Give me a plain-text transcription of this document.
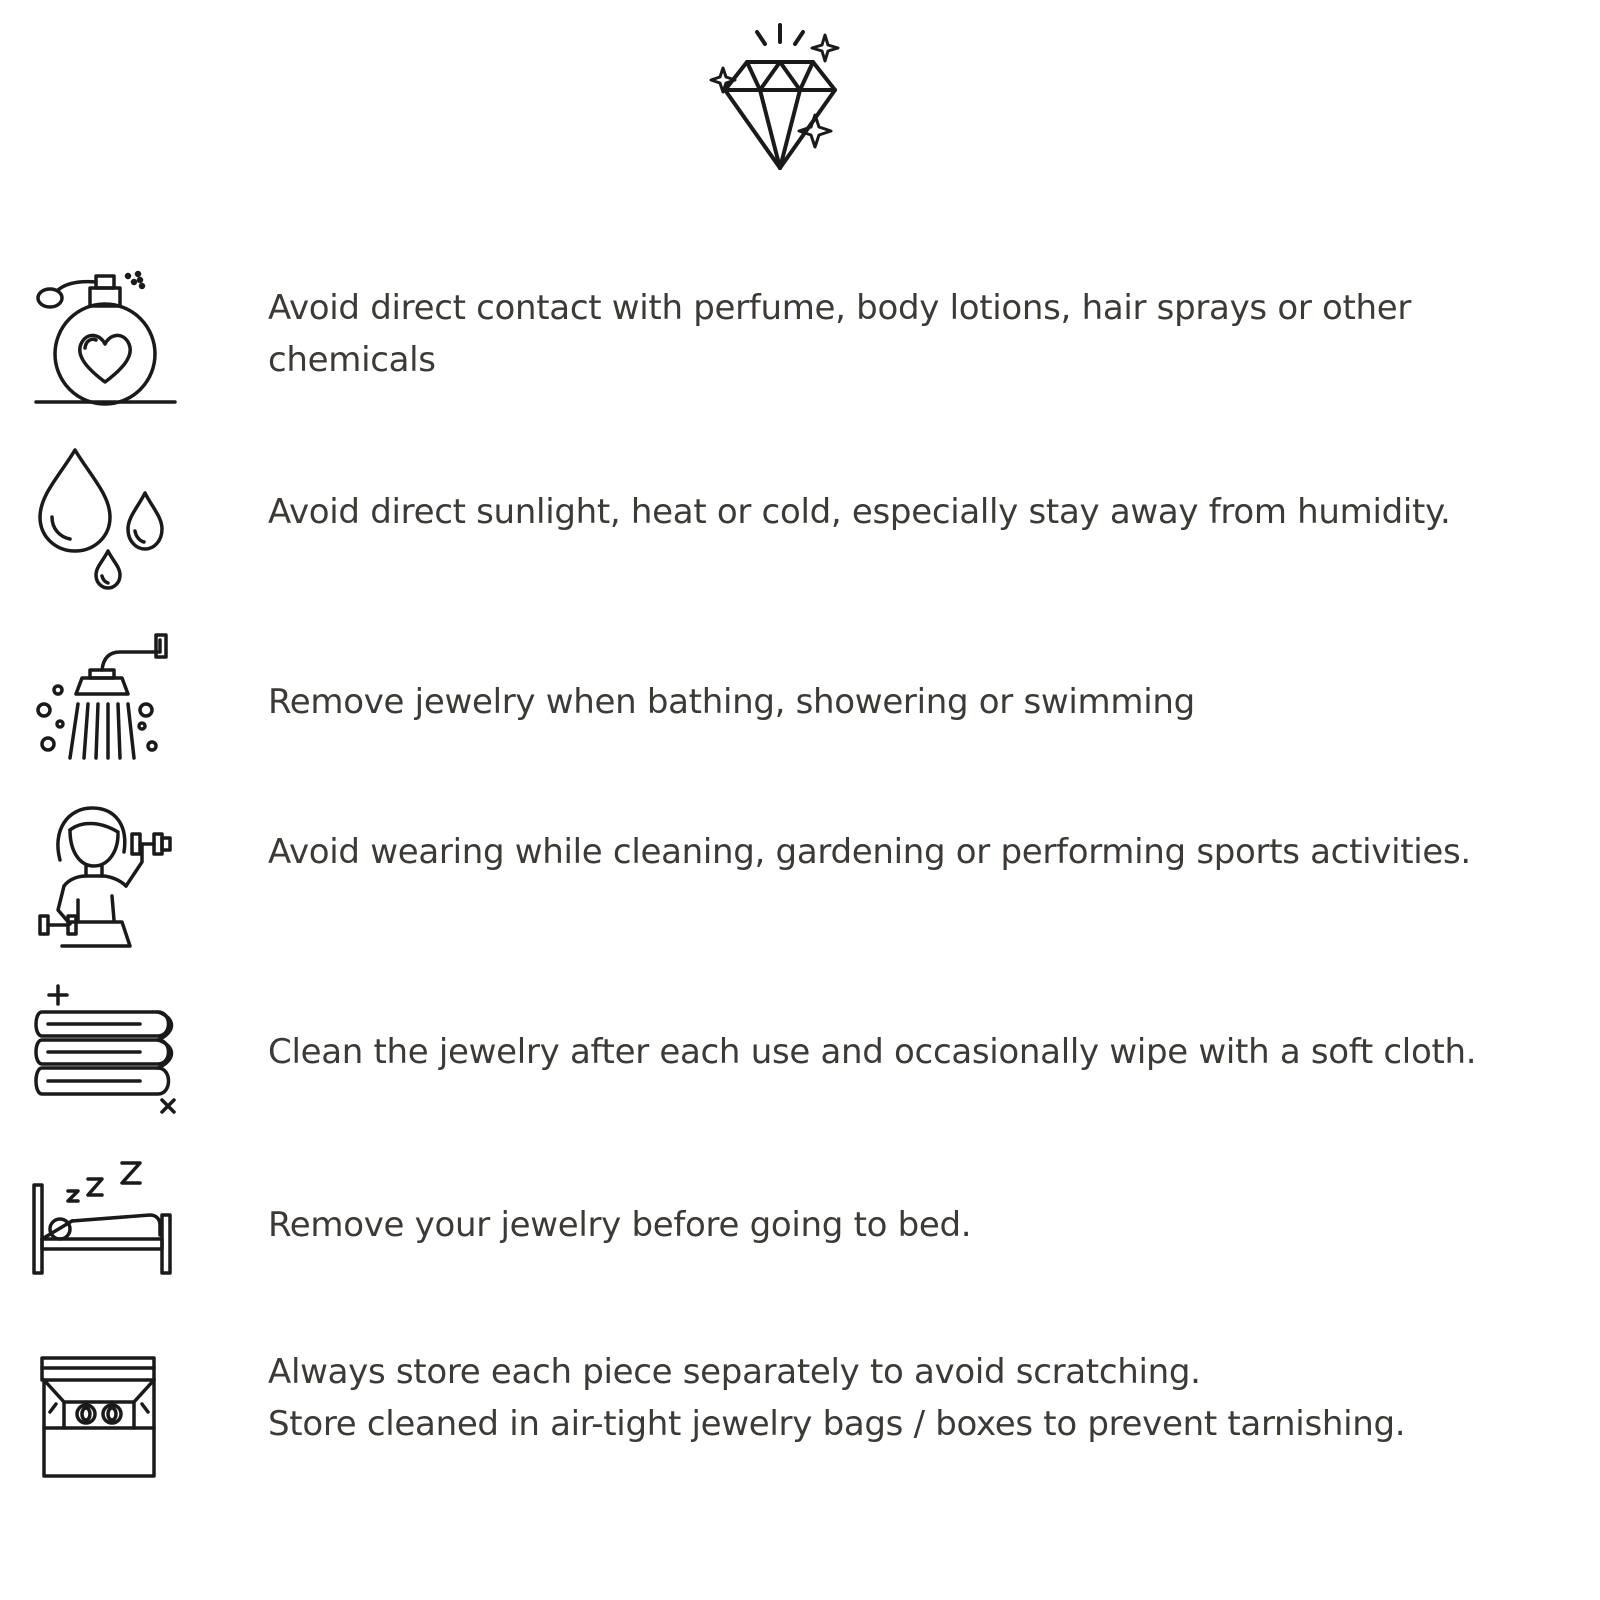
Avoid direct contact with perfume, body lotions, hair sprays or other
chemicals
Avoid direct sunlight, heat or cold, especially stay away from humidity.
Remove jewelry when bathing, showering or swimming
Avoid wearing while cleaning, gardening or performing sports activities.
Clean the jewelry after each use and occasionally wipe with a soft cloth.
Remove your jewelry before going to bed.
Always store each piece separately to avoid scratching.
Store cleaned in air-tight jewelry bags / boxes to prevent tarnishing.
